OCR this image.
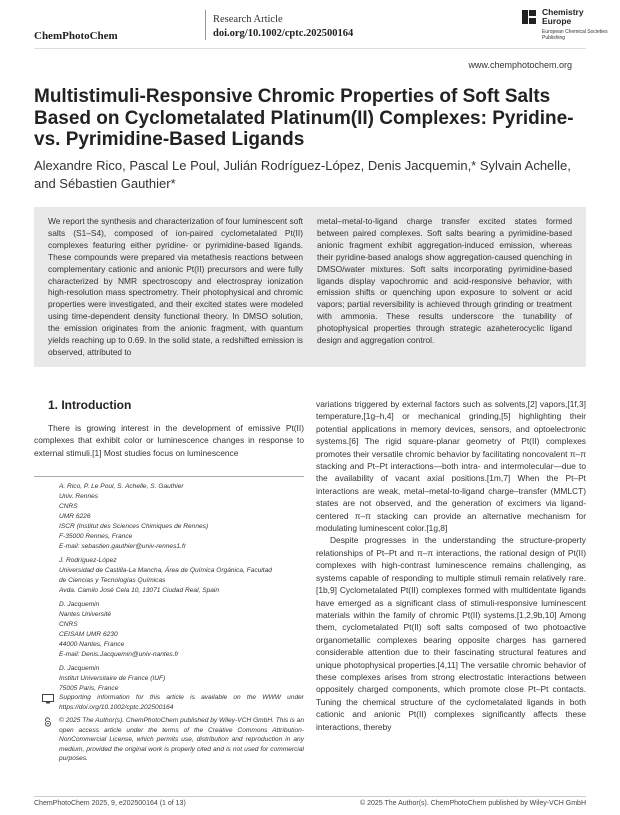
ChemPhotoChem
Research Article
doi.org/10.1002/cptc.202500164
Chemistry Europe
European Chemical Societies Publishing
www.chemphotochem.org
Multistimuli-Responsive Chromic Properties of Soft Salts Based on Cyclometalated Platinum(II) Complexes: Pyridine- vs. Pyrimidine-Based Ligands

Alexandre Rico, Pascal Le Poul, Julián Rodríguez-López, Denis Jacquemin,* Sylvain Achelle, and Sébastien Gauthier*

We report the synthesis and characterization of four luminescent soft salts (S1–S4), composed of ion-paired cyclometalated Pt(II) complexes featuring either pyridine- or pyrimidine-based ligands. These compounds were prepared via metathesis reactions between complementary cationic and anionic Pt(II) precursors and were fully characterized by NMR spectroscopy and electrospray ionization high-resolution mass spectrometry. Their photophysical and chromic properties were investigated, and their excited states were modeled using time-dependent density functional theory. In DMSO solution, the emission originates from the anionic fragment, with quantum yields reaching up to 0.69. In the solid state, a redshifted emission is observed, attributed to

metal–metal-to-ligand charge transfer excited states formed between paired complexes. Soft salts bearing a pyrimidine-based anionic fragment exhibit aggregation-induced emission, whereas their pyridine-based analogs show aggregation-caused quenching in DMSO/water mixtures. Soft salts incorporating pyrimidine-based ligands display vapochromic and acid-responsive behavior, with emission shifts or quenching upon exposure to solvent or acid vapors; partial reversibility is achieved through grinding or treatment with ammonia. These results underscore the tunability of photophysical properties through strategic azaheterocyclic ligand design and aggregation control.

1. Introduction

There is growing interest in the development of emissive Pt(II) complexes that exhibit color or luminescence changes in response to external stimuli.[1] Most studies focus on luminescence

A. Rico, P. Le Poul, S. Achelle, S. Gauthier
Univ. Rennes
CNRS
UMR 6226
ISCR (Institut des Sciences Chimiques de Rennes)
F-35000 Rennes, France
E-mail: sebastien.gauthier@univ-rennes1.fr
J. Rodríguez-López
Universidad de Castilla-La Mancha, Área de Química Orgánica, Facultad
de Ciencias y Tecnologías Químicas
Avda. Camilo José Cela 10, 13071 Ciudad Real, Spain
D. Jacquemin
Nantes Université
CNRS
CEISAM UMR 6230
44000 Nantes, France
E-mail: Denis.Jacquemin@univ-nantes.fr
D. Jacquemin
Institut Universitaire de France (IUF)
75005 Paris, France
Supporting information for this article is available on the WWW under https://doi.org/10.1002/cptc.202500164
© 2025 The Author(s). ChemPhotoChem published by Wiley-VCH GmbH. This is an open access article under the terms of the Creative Commons Attribution-NonCommercial License, which permits use, distribution and reproduction in any medium, provided the original work is properly cited and is not used for commercial purposes.

variations triggered by external factors such as solvents,[2] vapors,[1f,3] temperature,[1g–h,4] or mechanical grinding,[5] highlighting their potential applications in memory devices, sensors, and optoelectronic systems.[6] The rigid square-planar geometry of Pt(II) complexes promotes their versatile chromic behavior by facilitating noncovalent π–π stacking and Pt–Pt interactions—both intra- and intermolecular—due to the availability of vacant axial positions.[1m,7] When the Pt–Pt interactions are weak, metal–metal-to-ligand charge–transfer (MMLCT) states are not observed, and the generation of excimers via ligand-centered π–π stacking can provide an alternative mechanism for modulating luminescent color.[1g,8]

Despite progresses in the understanding the structure-property relationships of Pt–Pt and π–π interactions, the rational design of Pt(II) complexes with high-contrast luminescence remains challenging, as systems capable of responding to multiple stimuli remain relatively rare.[1b,9] Cyclometalated Pt(II) complexes formed with multidentate ligands have emerged as a significant class of stimuli-responsive luminescent materials within the family of chromic Pt(II) systems.[1,2,9b,10] Among them, cyclometalated Pt(II) soft salts composed of two photoactive organometallic complexes bearing opposite charges has garnered considerable attention due to their fascinating structural features and unique photophysical properties.[4,11] The versatile chromic behavior of these complexes arises from strong electrostatic interactions between oppositely charged components, which promote close Pt–Pt contacts. Tuning the chemical structure of the cyclometalated ligands in both cationic and anionic Pt(II) complexes significantly affects these interactions, thereby

ChemPhotoChem 2025, 9, e202500164 (1 of 13)	© 2025 The Author(s). ChemPhotoChem published by Wiley-VCH GmbH
